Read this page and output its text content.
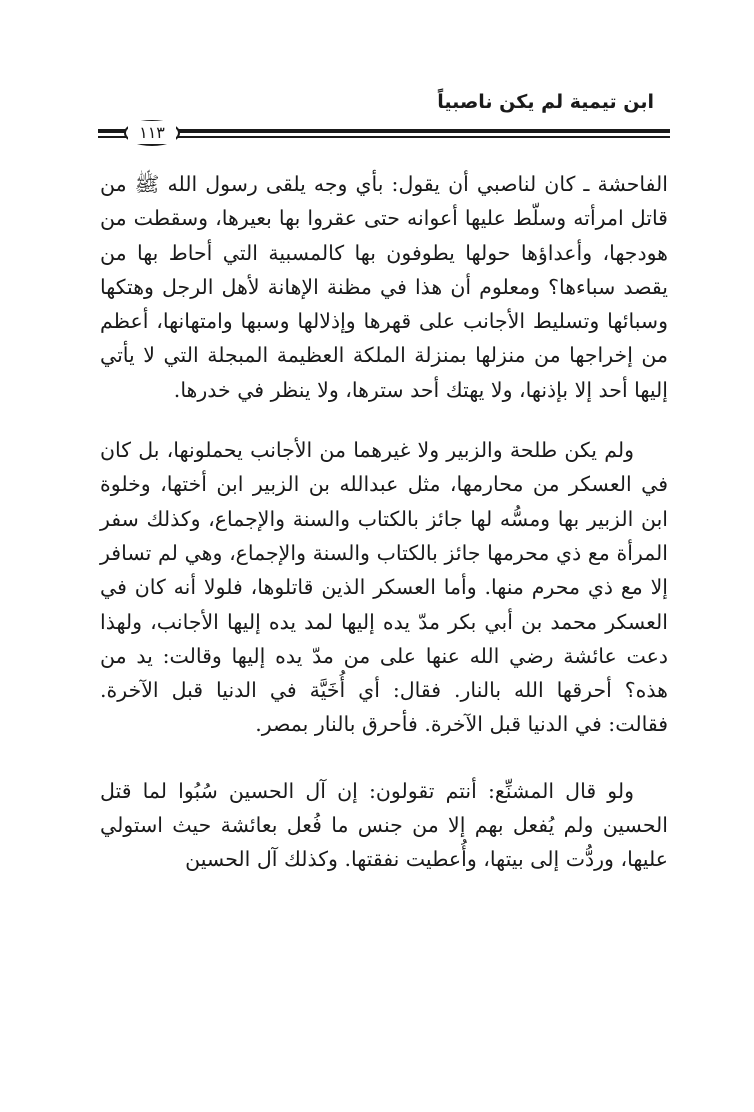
ابن تيمية لم يكن ناصبياً
١١٣

الفاحشة ـ كان لناصبي أن يقول: بأي وجه يلقى رسول الله ﷺ من قاتل امرأته وسلّط عليها أعوانه حتى عقروا بها بعيرها، وسقطت من هودجها، وأعداؤها حولها يطوفون بها كالمسبية التي أحاط بها من يقصد سباءها؟ ومعلوم أن هذا في مظنة الإهانة لأهل الرجل وهتكها وسبائها وتسليط الأجانب على قهرها وإذلالها وسبها وامتهانها، أعظم من إخراجها من منزلها بمنزلة الملكة العظيمة المبجلة التي لا يأتي إليها أحد إلا بإذنها، ولا يهتك أحد سترها، ولا ينظر في خدرها.

ولم يكن طلحة والزبير ولا غيرهما من الأجانب يحملونها، بل كان في العسكر من محارمها، مثل عبدالله بن الزبير ابن أختها، وخلوة ابن الزبير بها ومسُّه لها جائز بالكتاب والسنة والإجماع، وكذلك سفر المرأة مع ذي محرمها جائز بالكتاب والسنة والإجماع، وهي لم تسافر إلا مع ذي محرم منها. وأما العسكر الذين قاتلوها، فلولا أنه كان في العسكر محمد بن أبي بكر مدّ يده إليها لمد يده إليها الأجانب، ولهذا دعت عائشة رضي الله عنها على من مدّ يده إليها وقالت: يد من هذه؟ أحرقها الله بالنار. فقال: أي أُخَيَّة في الدنيا قبل الآخرة. فقالت: في الدنيا قبل الآخرة. فأحرق بالنار بمصر.

ولو قال المشنِّع: أنتم تقولون: إن آل الحسين سُبُوا لما قتل الحسين ولم يُفعل بهم إلا من جنس ما فُعل بعائشة حيث استولي عليها، وردُّت إلى بيتها، وأُعطيت نفقتها. وكذلك آل الحسين
